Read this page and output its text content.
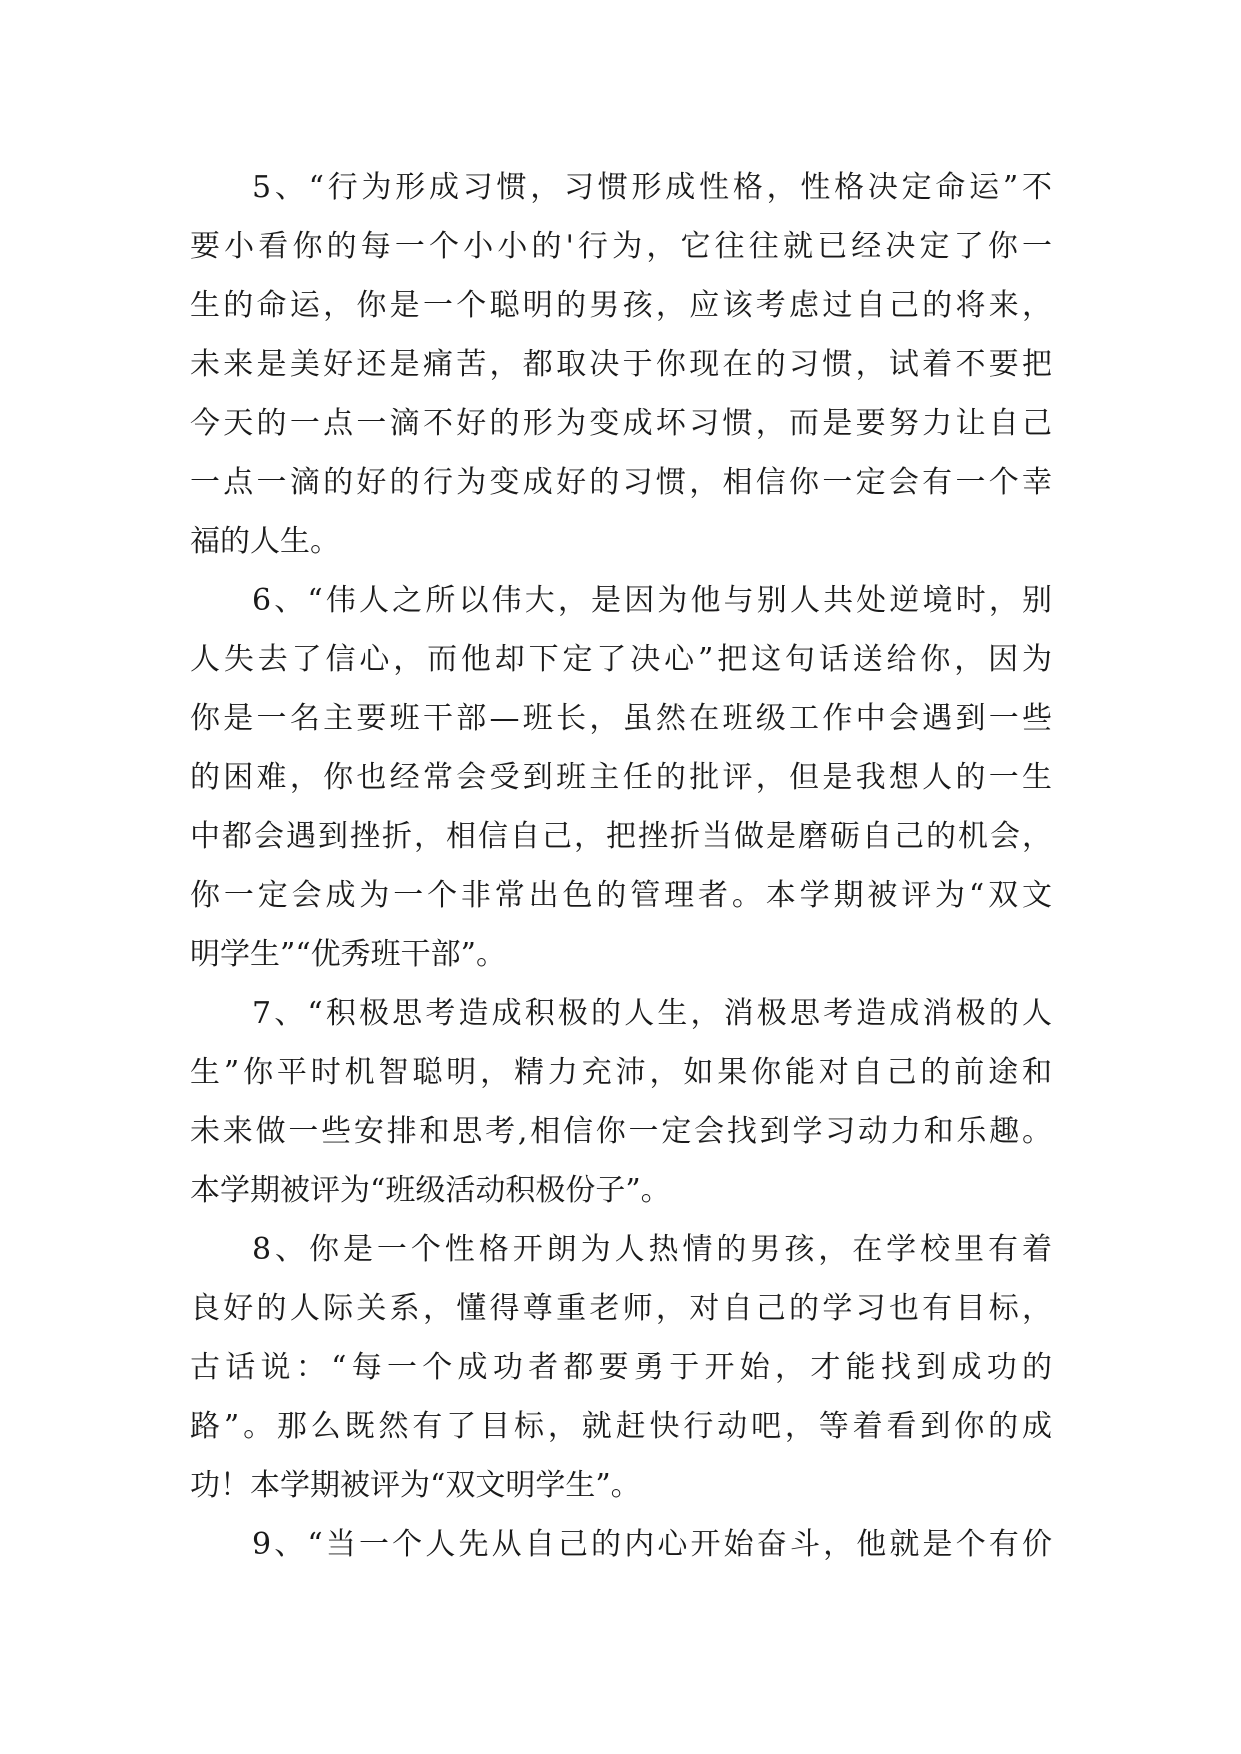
5、“行为形成习惯，习惯形成性格，性格决定命运”不
要小看你的每一个小小的'行为，它往往就已经决定了你一
生的命运，你是一个聪明的男孩，应该考虑过自己的将来，
未来是美好还是痛苦，都取决于你现在的习惯，试着不要把
今天的一点一滴不好的形为变成坏习惯，而是要努力让自己
一点一滴的好的行为变成好的习惯，相信你一定会有一个幸
福的人生。
6、“伟人之所以伟大，是因为他与别人共处逆境时，别
人失去了信心，而他却下定了决心”把这句话送给你，因为
你是一名主要班干部—班长，虽然在班级工作中会遇到一些
的困难，你也经常会受到班主任的批评，但是我想人的一生
中都会遇到挫折，相信自己，把挫折当做是磨砺自己的机会，
你一定会成为一个非常出色的管理者。本学期被评为“双文
明学生”“优秀班干部”。
7、“积极思考造成积极的人生，消极思考造成消极的人
生”你平时机智聪明，精力充沛，如果你能对自己的前途和
未来做一些安排和思考,相信你一定会找到学习动力和乐趣。
本学期被评为“班级活动积极份子”。
8、你是一个性格开朗为人热情的男孩，在学校里有着
良好的人际关系，懂得尊重老师，对自己的学习也有目标，
古话说：“每一个成功者都要勇于开始，才能找到成功的
路”。那么既然有了目标，就赶快行动吧，等着看到你的成
功！本学期被评为“双文明学生”。
9、“当一个人先从自己的内心开始奋斗，他就是个有价
